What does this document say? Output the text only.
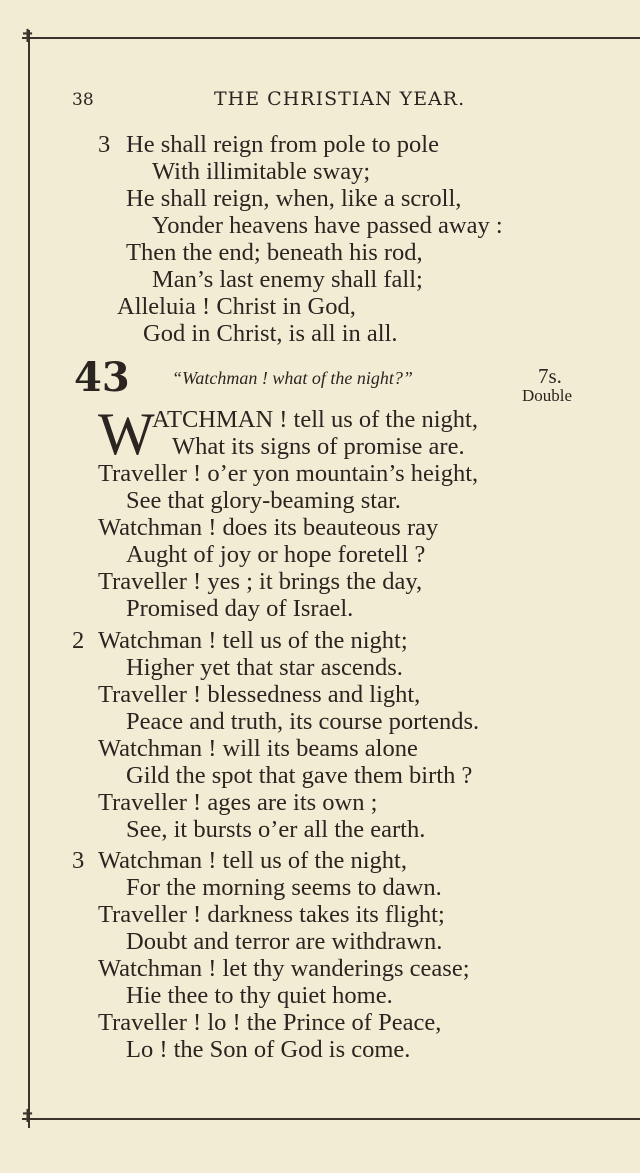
✝
✝
38	THE CHRISTIAN YEAR.
3 He shall reign from pole to pole
With illimitable sway;
He shall reign, when, like a scroll,
Yonder heavens have passed away :
Then the end; beneath his rod,
Man’s last enemy shall fall;
Alleluia ! Christ in God,
God in Christ, is all in all.
43 “Watchman ! what of the night?”	7s.
Double
W
ATCHMAN ! tell us of the night,
What its signs of promise are.
Traveller ! o’er yon mountain’s height,
See that glory-beaming star.
Watchman ! does its beauteous ray
Aught of joy or hope foretell ?
Traveller ! yes ; it brings the day,
Promised day of Israel.
2 Watchman ! tell us of the night;
Higher yet that star ascends.
Traveller ! blessedness and light,
Peace and truth, its course portends.
Watchman ! will its beams alone
Gild the spot that gave them birth ?
Traveller ! ages are its own ;
See, it bursts o’er all the earth.
3 Watchman ! tell us of the night,
For the morning seems to dawn.
Traveller ! darkness takes its flight;
Doubt and terror are withdrawn.
Watchman ! let thy wanderings cease;
Hie thee to thy quiet home.
Traveller ! lo ! the Prince of Peace,
Lo ! the Son of God is come.
